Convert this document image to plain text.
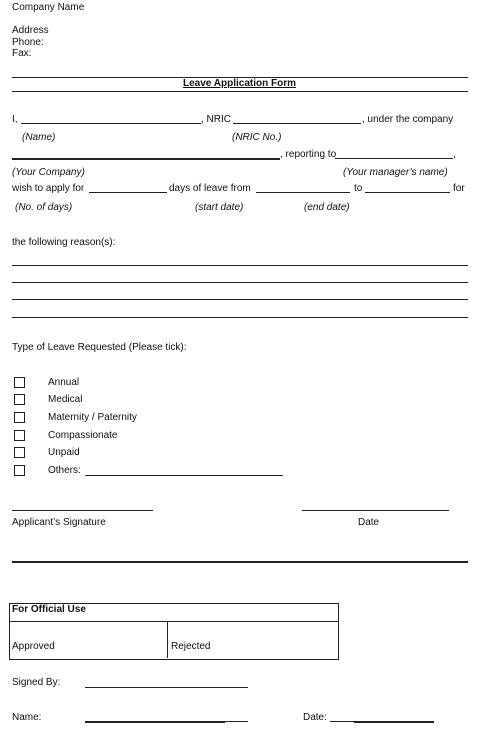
Company Name
Address
Phone:
Fax:
Leave Application Form
I,	, NRIC	, under the company
(Name)	(NRIC No.)
, reporting to	,
(Your Company)	(Your manager’s name)
wish to apply for	days of leave from	to	for
(No. of days)	(start date)	(end date)
the following reason(s):
Type of Leave Requested (Please tick):
Annual
Medical
Maternity / Paternity
Compassionate
Unpaid
Others:
Applicant’s Signature	Date
For Official Use
Approved	Rejected
Signed By:
Name:	Date:
